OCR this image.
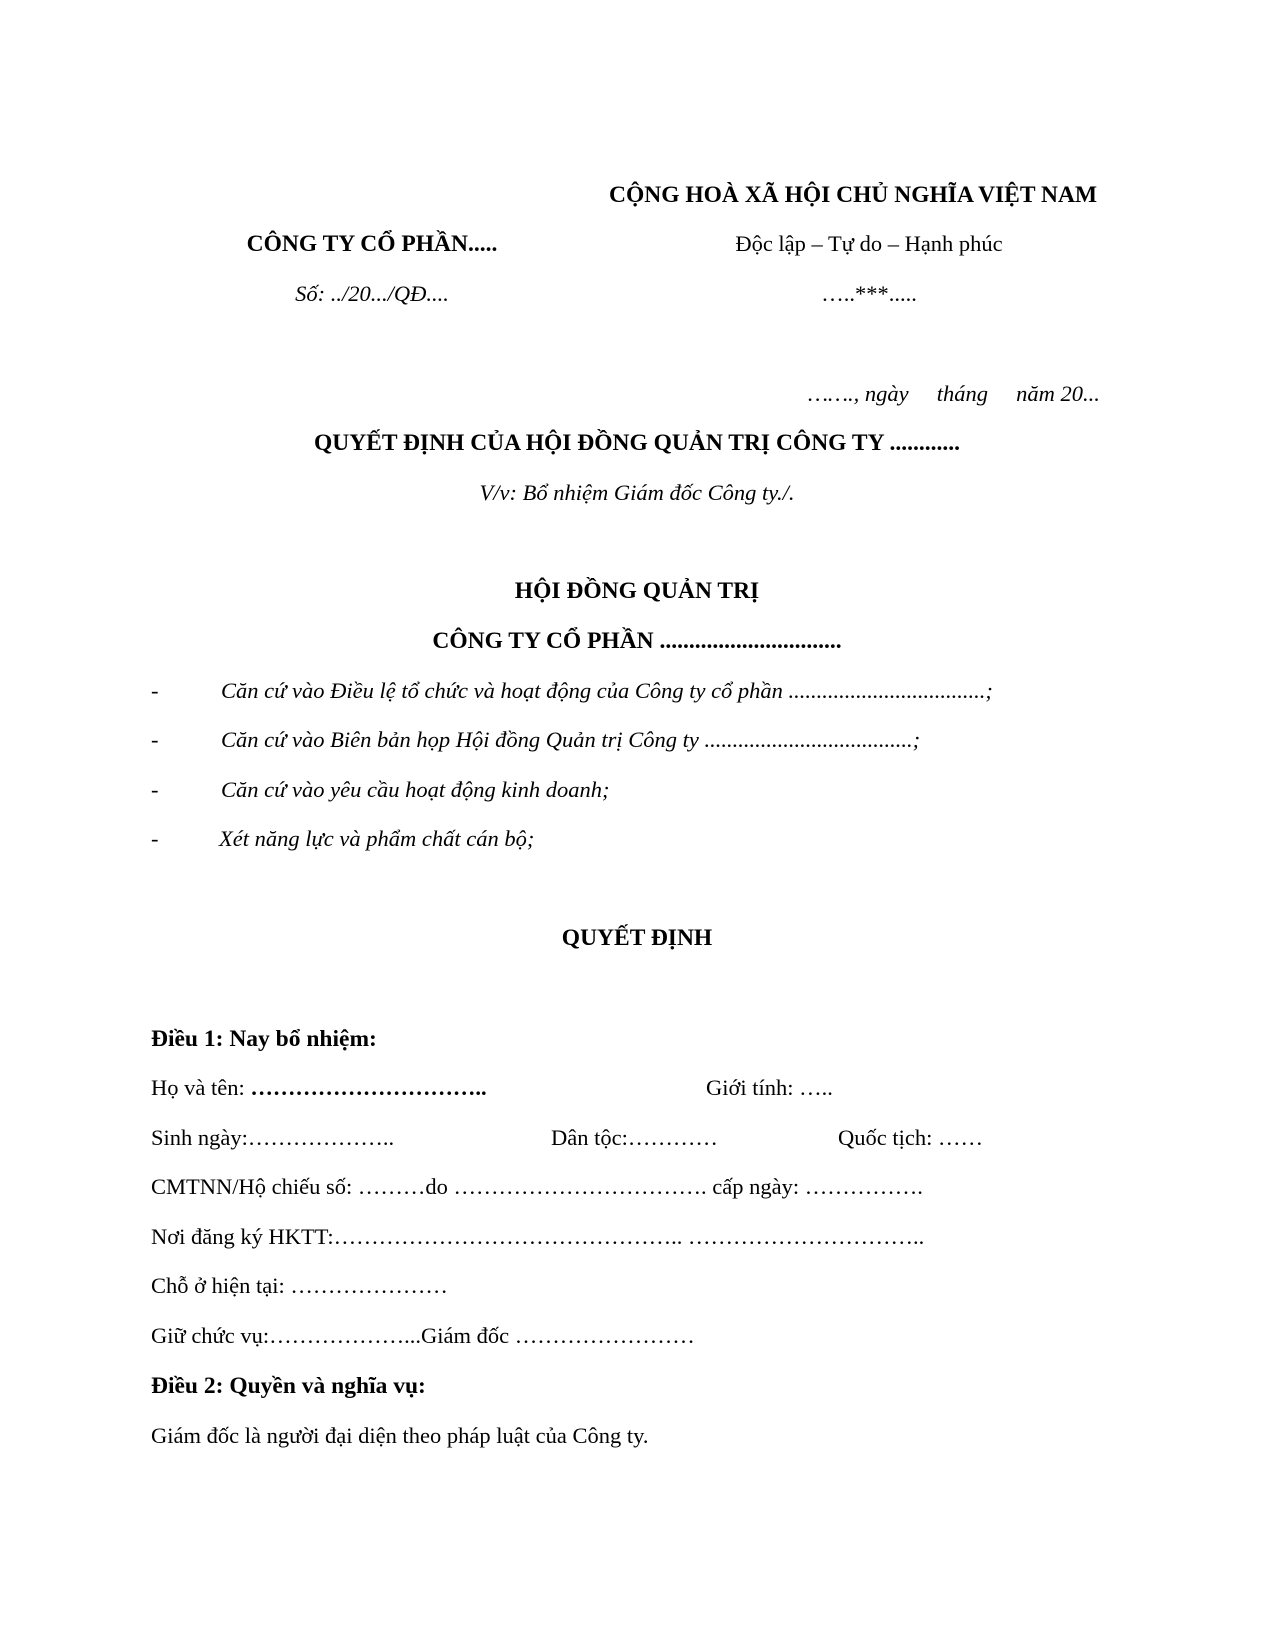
CỘNG HOÀ XÃ HỘI CHỦ NGHĨA VIỆT NAM
CÔNG TY CỔ PHẦN.....	Độc lập – Tự do – Hạnh phúc
Số: ../20.../QĐ....	…..***.....
……., ngày     tháng     năm 20...
QUYẾT ĐỊNH CỦA HỘI ĐỒNG QUẢN TRỊ CÔNG TY ............
V/v: Bổ nhiệm Giám đốc Công ty./.
HỘI ĐỒNG QUẢN TRỊ
CÔNG TY CỔ PHẦN ...............................
-	Căn cứ vào Điều lệ tổ chức và hoạt động của Công ty cổ phần ...................................;
-	Căn cứ vào Biên bản họp Hội đồng Quản trị Công ty .....................................;
-	Căn cứ vào yêu cầu hoạt động kinh doanh;
-	Xét năng lực và phẩm chất cán bộ;
QUYẾT ĐỊNH
Điều 1: Nay bổ nhiệm:
Họ và tên: …………………………..	Giới tính: …..
Sinh ngày:………………..	Dân tộc:…………	Quốc tịch: ……
CMTNN/Hộ chiếu số: ………do ……………………………. cấp ngày: …………….
Nơi đăng ký HKTT:……………………………………….. …………………………..
Chỗ ở hiện tại: …………………
Giữ chức vụ:………………...Giám đốc ……………………
Điều 2: Quyền và nghĩa vụ:
Giám đốc là người đại diện theo pháp luật của Công ty.
